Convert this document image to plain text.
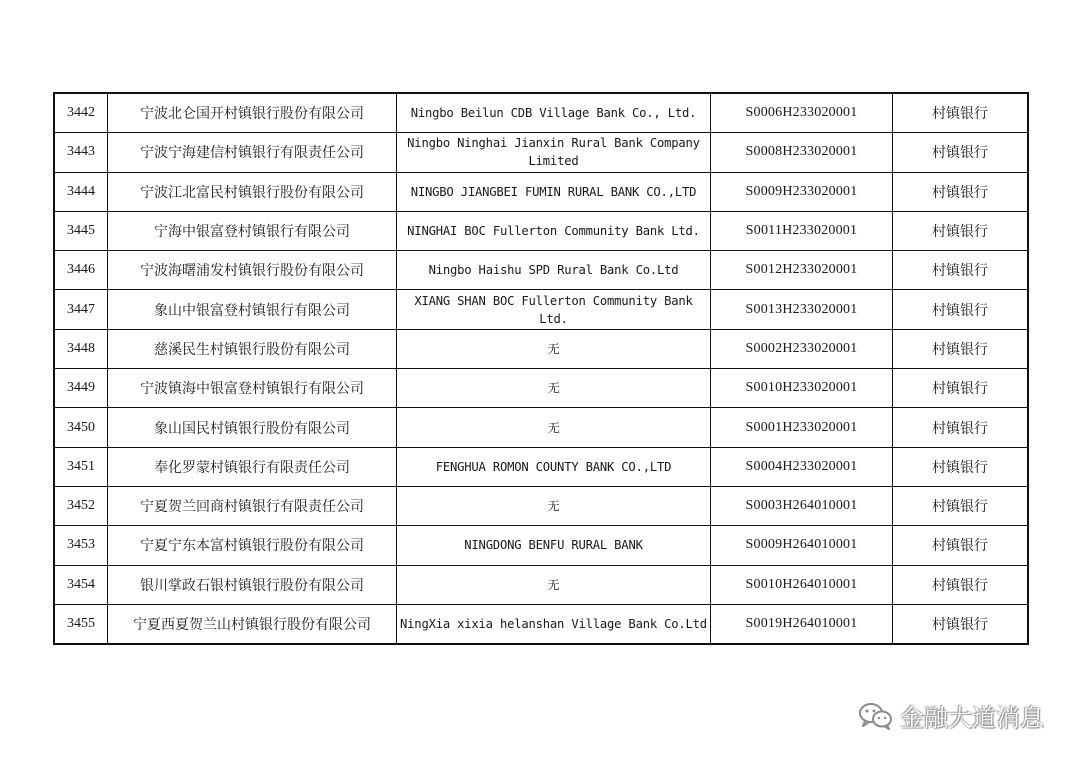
3442	宁波北仑国开村镇银行股份有限公司	Ningbo Beilun CDB Village Bank Co., Ltd.	S0006H233020001	村镇银行
3443	宁波宁海建信村镇银行有限责任公司	Ningbo Ninghai Jianxin Rural Bank Company Limited	S0008H233020001	村镇银行
3444	宁波江北富民村镇银行股份有限公司	NINGBO JIANGBEI FUMIN RURAL BANK CO.,LTD	S0009H233020001	村镇银行
3445	宁海中银富登村镇银行有限公司	NINGHAI BOC Fullerton Community Bank Ltd.	S0011H233020001	村镇银行
3446	宁波海曙浦发村镇银行股份有限公司	Ningbo Haishu SPD Rural Bank Co.Ltd	S0012H233020001	村镇银行
3447	象山中银富登村镇银行有限公司	XIANG SHAN BOC Fullerton Community Bank Ltd.	S0013H233020001	村镇银行
3448	慈溪民生村镇银行股份有限公司	无	S0002H233020001	村镇银行
3449	宁波镇海中银富登村镇银行有限公司	无	S0010H233020001	村镇银行
3450	象山国民村镇银行股份有限公司	无	S0001H233020001	村镇银行
3451	奉化罗蒙村镇银行有限责任公司	FENGHUA ROMON COUNTY BANK CO.,LTD	S0004H233020001	村镇银行
3452	宁夏贺兰回商村镇银行有限责任公司	无	S0003H264010001	村镇银行
3453	宁夏宁东本富村镇银行股份有限公司	NINGDONG BENFU RURAL BANK	S0009H264010001	村镇银行
3454	银川掌政石银村镇银行股份有限公司	无	S0010H264010001	村镇银行
3455	宁夏西夏贺兰山村镇银行股份有限公司	NingXia xixia helanshan Village Bank Co.Ltd	S0019H264010001	村镇银行
金融大道消息
